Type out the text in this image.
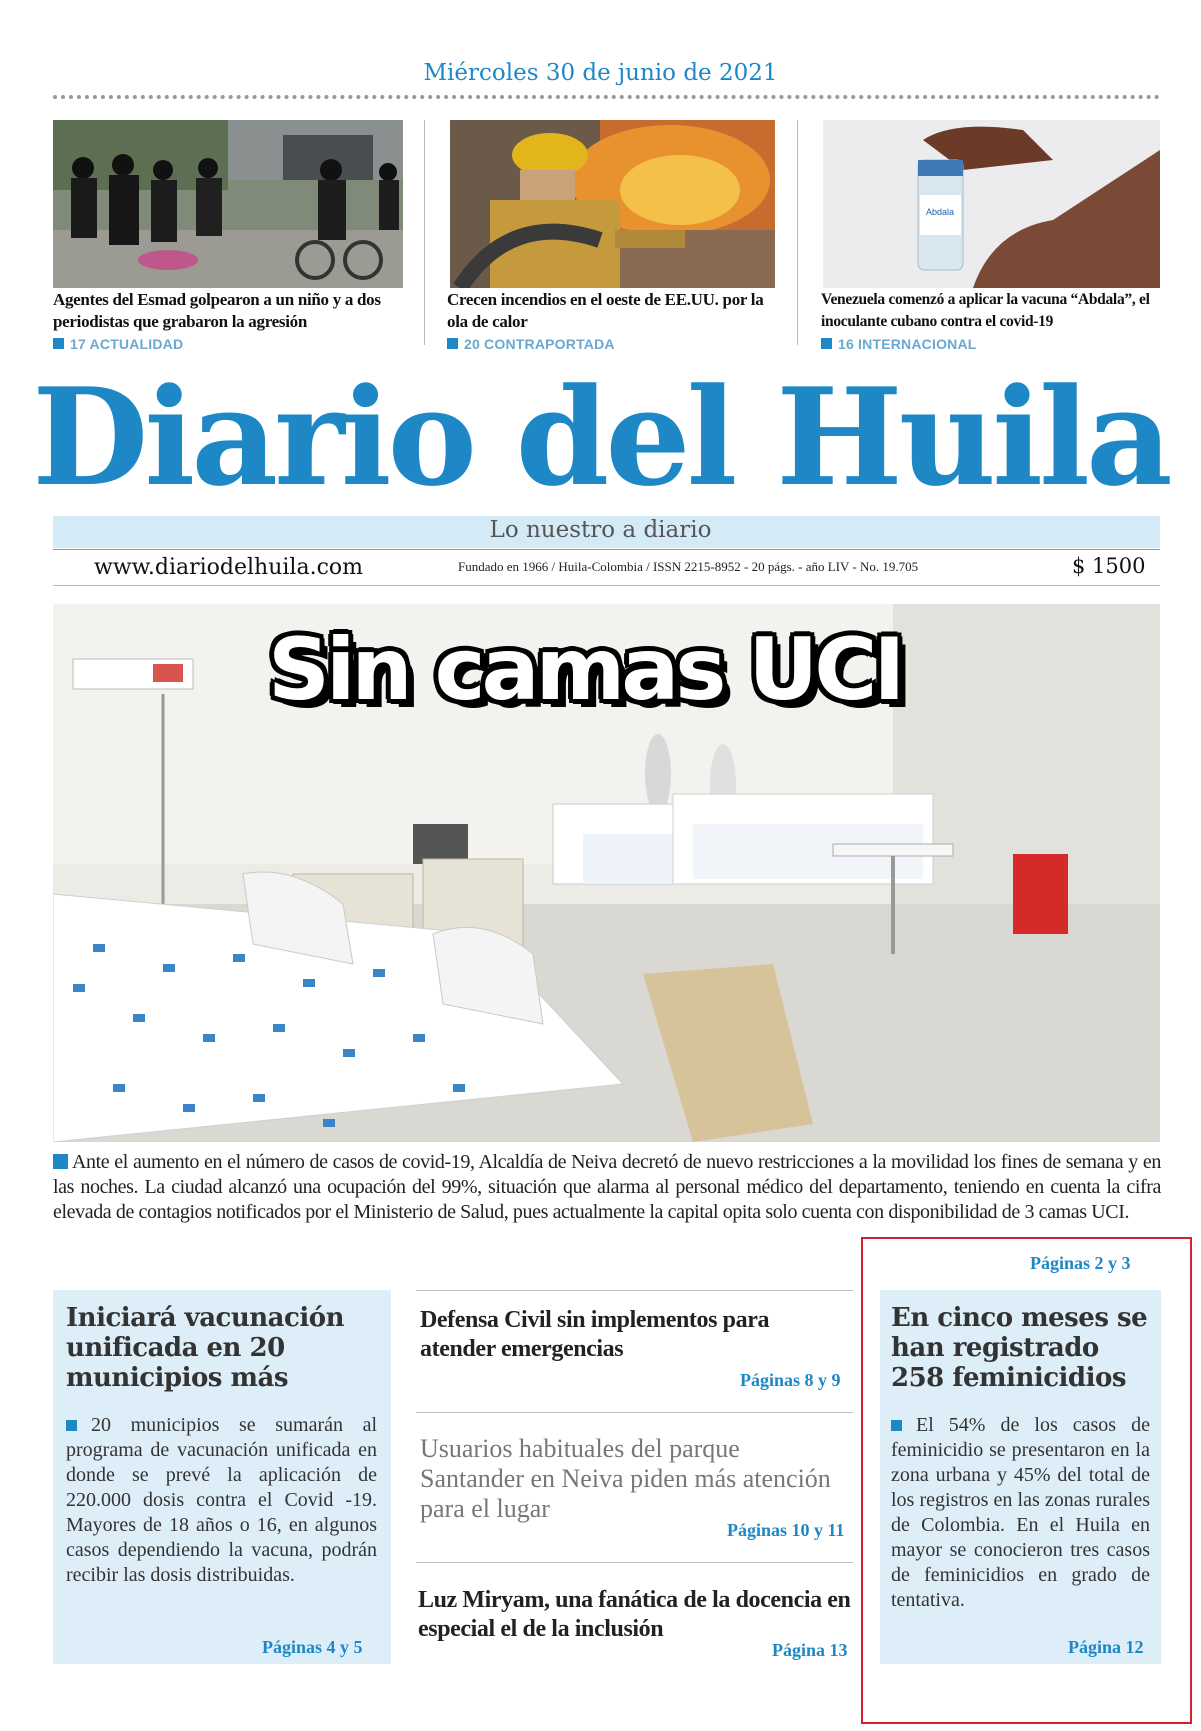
Miércoles 30 de junio de 2021
Abdala
Agentes del Esmad golpearon a un niño y a dos periodistas que grabaron la agresión
17 ACTUALIDAD
Crecen incendios en el oeste de EE.UU. por la ola de calor
20 CONTRAPORTADA
Venezuela comenzó a aplicar la vacuna “Abdala”, el inoculante cubano contra el covid-19
16 INTERNACIONAL
Diario del Huila
Lo nuestro a diario
www.diariodelhuila.com	Fundado en 1966 / Huila-Colombia / ISSN 2215-8952 - 20 págs. - año LIV - No. 19.705	$ 1500
Sin camas UCI
Ante el aumento en el número de casos de covid-19, Alcaldía de Neiva decretó de nuevo restricciones a la movilidad los fines de semana y en las noches. La ciudad alcanzó una ocupación del 99%, situación que alarma al personal médico del departamento, teniendo en cuenta la cifra elevada de contagios notificados por el Ministerio de Salud, pues actualmente la capital opita solo cuenta con disponibilidad de 3 camas UCI.
Páginas 2 y 3
Iniciará vacunación unificada en 20 municipios más
20 municipios se sumarán al programa de vacunación unificada en donde se prevé la aplicación de 220.000 dosis contra el Covid -19. Mayores de 18 años o 16, en algunos casos dependiendo la vacuna, podrán recibir las dosis distribuidas.
Páginas 4 y 5
Defensa Civil sin implementos para atender emergencias
Páginas 8 y 9
Usuarios habituales del parque Santander en Neiva piden más atención para el lugar
Páginas 10 y 11
Luz Miryam, una fanática de la docencia en especial el de la inclusión
Página 13
En cinco meses se han registrado 258 feminicidios
El 54% de los casos de feminicidio se presentaron en la zona urbana y 45% del total de los registros en las zonas rurales de Colombia. En el Huila en mayor se conocieron tres casos de feminicidios en grado de tentativa.
Página 12
